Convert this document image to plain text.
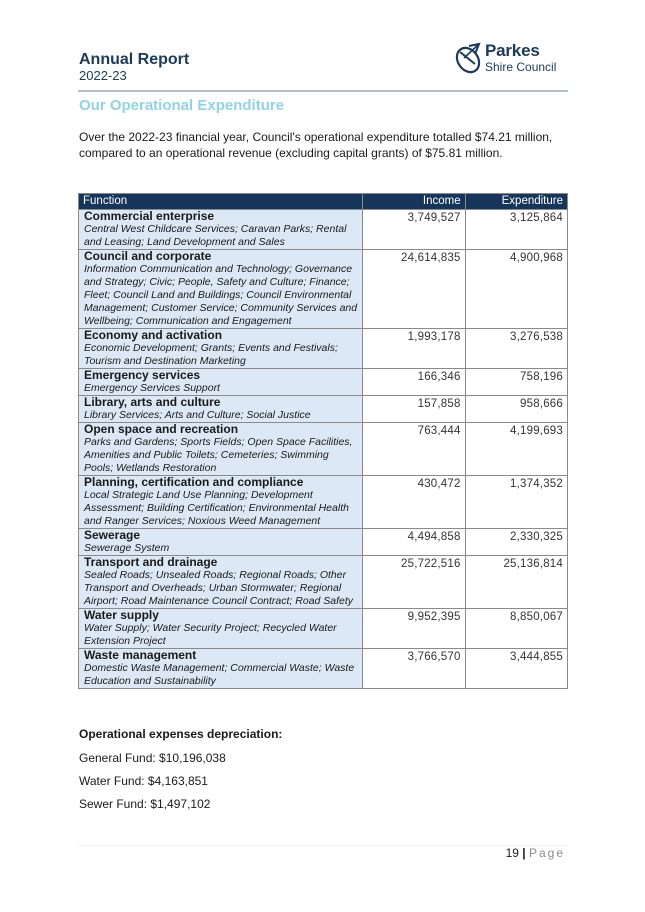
Annual Report
2022-23
Parkes
Shire Council
Our Operational Expenditure
Over the 2022-23 financial year, Council's operational expenditure totalled $74.21 million, compared to an operational revenue (excluding capital grants) of $75.81 million.
Function	Income	Expenditure

Commercial enterprise
Central West Childcare Services; Caravan Parks; Rental and Leasing; Land Development and Sales	3,749,527	3,125,864

Council and corporate
Information Communication and Technology; Governance and Strategy; Civic; People, Safety and Culture; Finance; Fleet; Council Land and Buildings; Council Environmental Management; Customer Service; Community Services and Wellbeing; Communication and Engagement	24,614,835	4,900,968

Economy and activation
Economic Development; Grants; Events and Festivals; Tourism and Destination Marketing	1,993,178	3,276,538

Emergency services
Emergency Services Support	166,346	758,196

Library, arts and culture
Library Services; Arts and Culture; Social Justice	157,858	958,666

Open space and recreation
Parks and Gardens; Sports Fields; Open Space Facilities, Amenities and Public Toilets; Cemeteries; Swimming Pools; Wetlands Restoration	763,444	4,199,693

Planning, certification and compliance
Local Strategic Land Use Planning; Development Assessment; Building Certification; Environmental Health and Ranger Services; Noxious Weed Management	430,472	1,374,352

Sewerage
Sewerage System	4,494,858	2,330,325

Transport and drainage
Sealed Roads; Unsealed Roads; Regional Roads; Other Transport and Overheads; Urban Stormwater; Regional Airport; Road Maintenance Council Contract; Road Safety	25,722,516	25,136,814

Water supply
Water Supply; Water Security Project; Recycled Water Extension Project	9,952,395	8,850,067

Waste management
Domestic Waste Management; Commercial Waste; Waste Education and Sustainability	3,766,570	3,444,855
Operational expenses depreciation:
General Fund: $10,196,038
Water Fund: $4,163,851
Sewer Fund: $1,497,102
19 | Page
